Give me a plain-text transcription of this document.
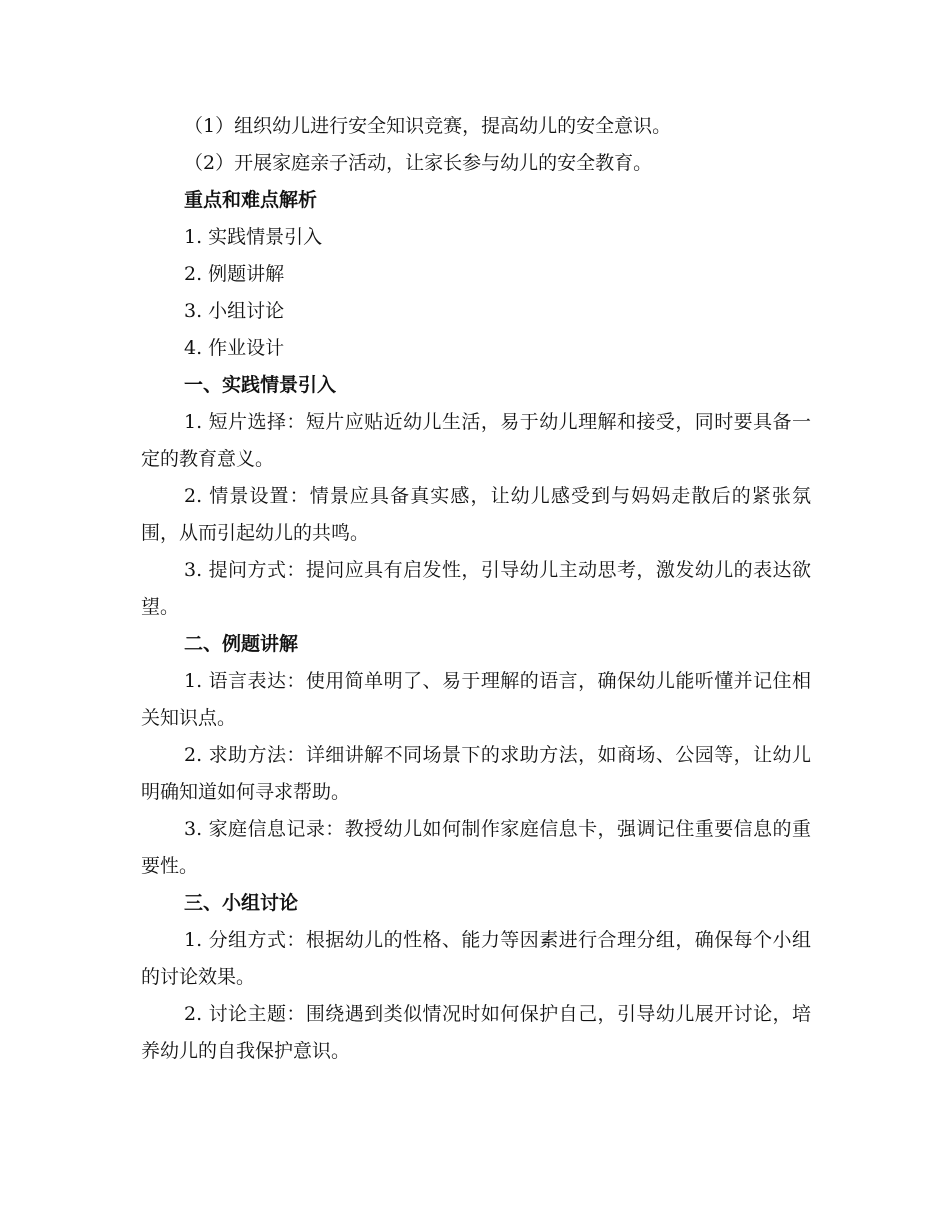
（1）组织幼儿进行安全知识竞赛，提高幼儿的安全意识。
（2）开展家庭亲子活动，让家长参与幼儿的安全教育。
重点和难点解析
1. 实践情景引入
2. 例题讲解
3. 小组讨论
4. 作业设计
一、实践情景引入
1. 短片选择：短片应贴近幼儿生活，易于幼儿理解和接受，同时要具备一定的教育意义。
2. 情景设置：情景应具备真实感，让幼儿感受到与妈妈走散后的紧张氛围，从而引起幼儿的共鸣。
3. 提问方式：提问应具有启发性，引导幼儿主动思考，激发幼儿的表达欲望。
二、例题讲解
1. 语言表达：使用简单明了、易于理解的语言，确保幼儿能听懂并记住相关知识点。
2. 求助方法：详细讲解不同场景下的求助方法，如商场、公园等，让幼儿明确知道如何寻求帮助。
3. 家庭信息记录：教授幼儿如何制作家庭信息卡，强调记住重要信息的重要性。
三、小组讨论
1. 分组方式：根据幼儿的性格、能力等因素进行合理分组，确保每个小组的讨论效果。
2. 讨论主题：围绕遇到类似情况时如何保护自己，引导幼儿展开讨论，培养幼儿的自我保护意识。
